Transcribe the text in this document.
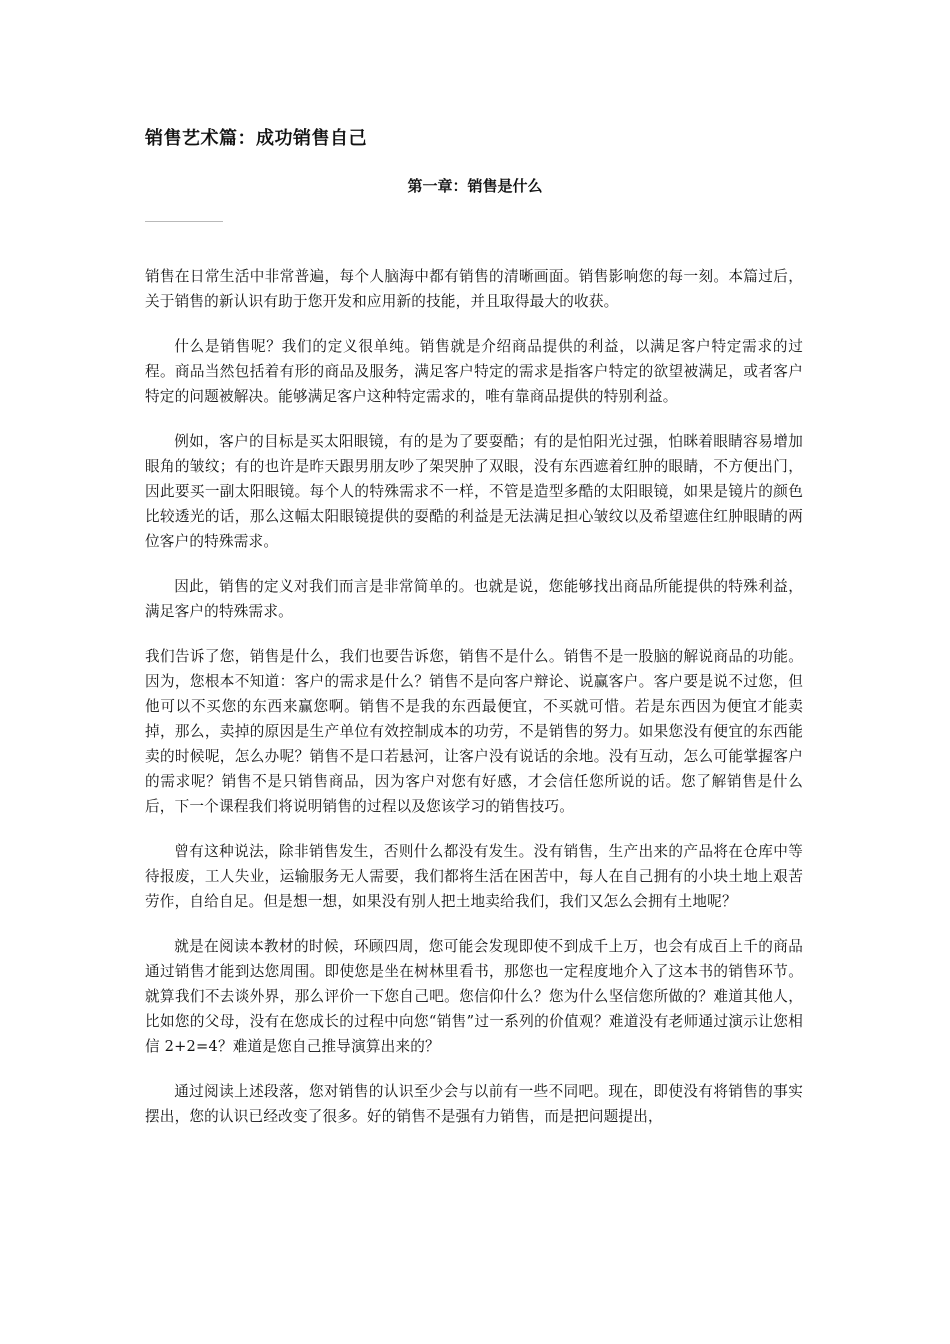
销售艺术篇：成功销售自己
第一章：销售是什么

销售在日常生活中非常普遍，每个人脑海中都有销售的清晰画面。销售影响您的每一刻。本篇过后，关于销售的新认识有助于您开发和应用新的技能，并且取得最大的收获。

什么是销售呢？我们的定义很单纯。销售就是介绍商品提供的利益，以满足客户特定需求的过程。商品当然包括着有形的商品及服务，满足客户特定的需求是指客户特定的欲望被满足，或者客户特定的问题被解决。能够满足客户这种特定需求的，唯有靠商品提供的特别利益。

例如，客户的目标是买太阳眼镜，有的是为了要耍酷；有的是怕阳光过强，怕眯着眼睛容易增加眼角的皱纹；有的也许是昨天跟男朋友吵了架哭肿了双眼，没有东西遮着红肿的眼睛，不方便出门，因此要买一副太阳眼镜。每个人的特殊需求不一样，不管是造型多酷的太阳眼镜，如果是镜片的颜色比较透光的话，那么这幅太阳眼镜提供的耍酷的利益是无法满足担心皱纹以及希望遮住红肿眼睛的两位客户的特殊需求。

因此，销售的定义对我们而言是非常简单的。也就是说，您能够找出商品所能提供的特殊利益，满足客户的特殊需求。

我们告诉了您，销售是什么，我们也要告诉您，销售不是什么。销售不是一股脑的解说商品的功能。因为，您根本不知道：客户的需求是什么？销售不是向客户辩论、说赢客户。客户要是说不过您，但他可以不买您的东西来赢您啊。销售不是我的东西最便宜，不买就可惜。若是东西因为便宜才能卖掉，那么，卖掉的原因是生产单位有效控制成本的功劳，不是销售的努力。如果您没有便宜的东西能卖的时候呢，怎么办呢？销售不是口若悬河，让客户没有说话的余地。没有互动，怎么可能掌握客户的需求呢？销售不是只销售商品，因为客户对您有好感，才会信任您所说的话。您了解销售是什么后，下一个课程我们将说明销售的过程以及您该学习的销售技巧。

曾有这种说法，除非销售发生，否则什么都没有发生。没有销售，生产出来的产品将在仓库中等待报废，工人失业，运输服务无人需要，我们都将生活在困苦中，每人在自己拥有的小块土地上艰苦劳作，自给自足。但是想一想，如果没有别人把土地卖给我们，我们又怎么会拥有土地呢？

就是在阅读本教材的时候，环顾四周，您可能会发现即使不到成千上万，也会有成百上千的商品通过销售才能到达您周围。即使您是坐在树林里看书，那您也一定程度地介入了这本书的销售环节。就算我们不去谈外界，那么评价一下您自己吧。您信仰什么？您为什么坚信您所做的？难道其他人，比如您的父母，没有在您成长的过程中向您“销售”过一系列的价值观？难道没有老师通过演示让您相信 2+2=4？难道是您自己推导演算出来的？

通过阅读上述段落，您对销售的认识至少会与以前有一些不同吧。现在，即使没有将销售的事实摆出，您的认识已经改变了很多。好的销售不是强有力销售，而是把问题提出，
